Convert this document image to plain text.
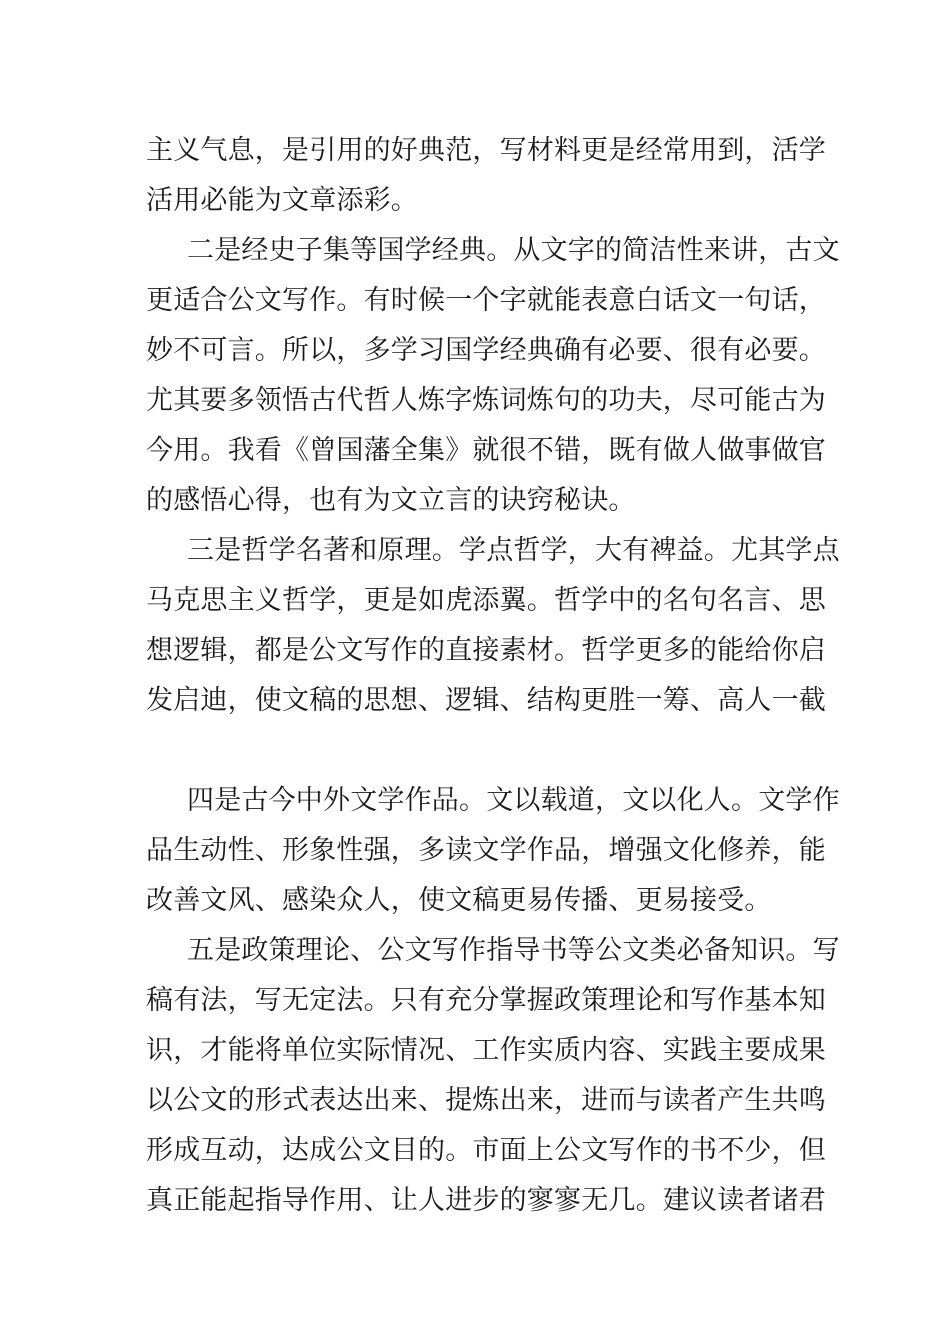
主义气息，是引用的好典范，写材料更是经常用到，活学
活用必能为文章添彩。
二是经史子集等国学经典。从文字的简洁性来讲，古文
更适合公文写作。有时候一个字就能表意白话文一句话，
妙不可言。所以，多学习国学经典确有必要、很有必要。
尤其要多领悟古代哲人炼字炼词炼句的功夫，尽可能古为
今用。我看《曾国藩全集》就很不错，既有做人做事做官
的感悟心得，也有为文立言的诀窍秘诀。
三是哲学名著和原理。学点哲学，大有裨益。尤其学点
马克思主义哲学，更是如虎添翼。哲学中的名句名言、思
想逻辑，都是公文写作的直接素材。哲学更多的能给你启
发启迪，使文稿的思想、逻辑、结构更胜一筹、高人一截
四是古今中外文学作品。文以载道，文以化人。文学作
品生动性、形象性强，多读文学作品，增强文化修养，能
改善文风、感染众人，使文稿更易传播、更易接受。
五是政策理论、公文写作指导书等公文类必备知识。写
稿有法，写无定法。只有充分掌握政策理论和写作基本知
识，才能将单位实际情况、工作实质内容、实践主要成果
以公文的形式表达出来、提炼出来，进而与读者产生共鸣
形成互动，达成公文目的。市面上公文写作的书不少，但
真正能起指导作用、让人进步的寥寥无几。建议读者诸君
